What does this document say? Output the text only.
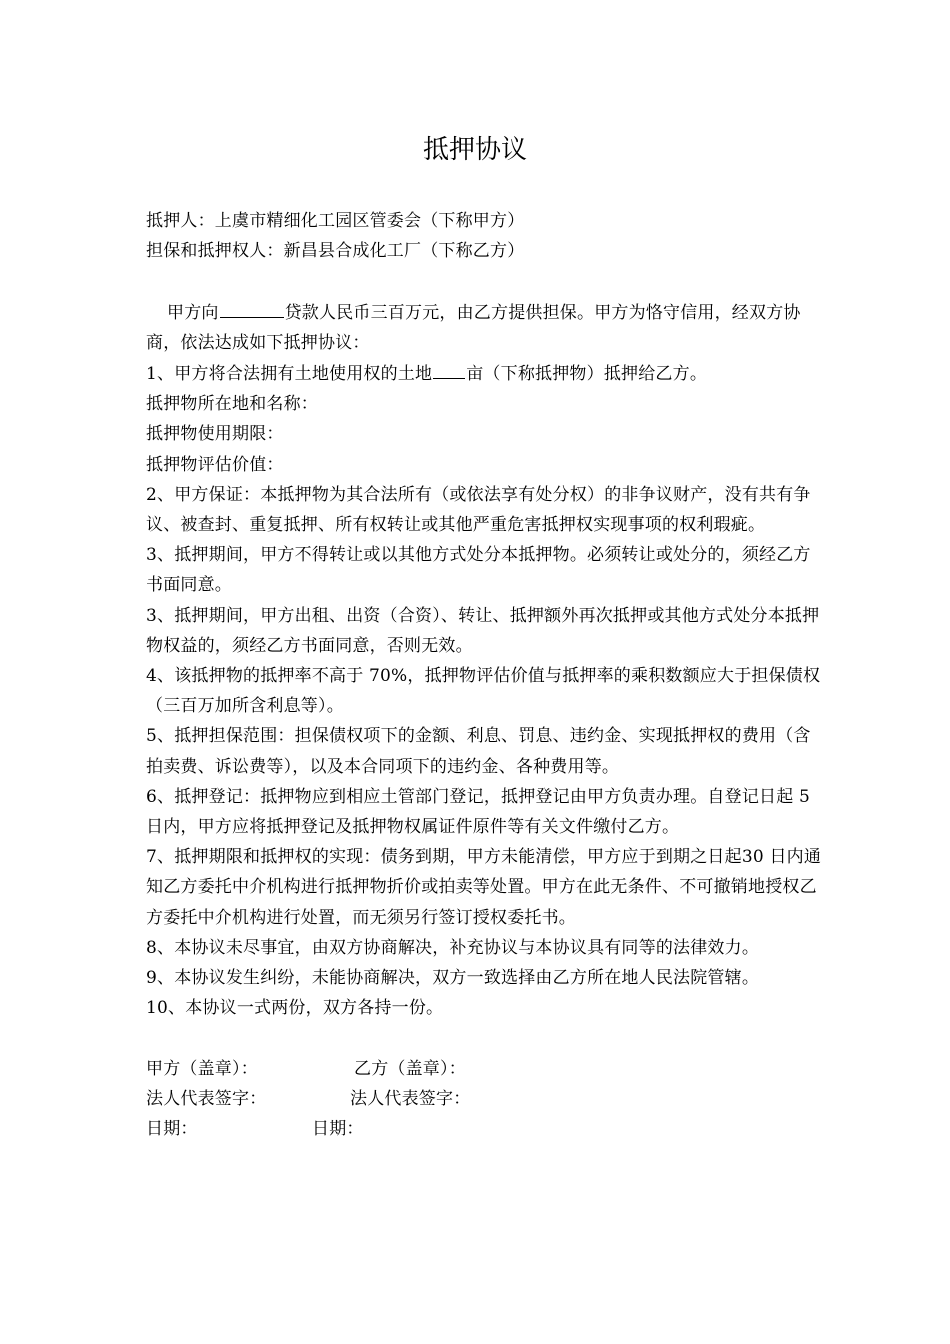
抵押协议

抵押人：上虞市精细化工园区管委会（下称甲方）

担保和抵押权人：新昌县合成化工厂（下称乙方）

甲方向	贷款人民币三百万元，由乙方提供担保。甲方为恪守信用，经双方协商，依法达成如下抵押协议：

1、甲方将合法拥有土地使用权的土地 亩（下称抵押物）抵押给乙方。

抵押物所在地和名称：

抵押物使用期限：

抵押物评估价值：

2、甲方保证：本抵押物为其合法所有（或依法享有处分权）的非争议财产，没有共有争议、被查封、重复抵押、所有权转让或其他严重危害抵押权实现事项的权利瑕疵。

3、抵押期间，甲方不得转让或以其他方式处分本抵押物。必须转让或处分的，须经乙方书面同意。

3、抵押期间，甲方出租、出资（合资）、转让、抵押额外再次抵押或其他方式处分本抵押物权益的，须经乙方书面同意，否则无效。

4、该抵押物的抵押率不高于 70%，抵押物评估价值与抵押率的乘积数额应大于担保债权（三百万加所含利息等）。

5、抵押担保范围：担保债权项下的金额、利息、罚息、违约金、实现抵押权的费用（含拍卖费、诉讼费等），以及本合同项下的违约金、各种费用等。

6、抵押登记：抵押物应到相应土管部门登记，抵押登记由甲方负责办理。自登记日起 5 日内，甲方应将抵押登记及抵押物权属证件原件等有关文件缴付乙方。

7、抵押期限和抵押权的实现：债务到期，甲方未能清偿，甲方应于到期之日起30 日内通知乙方委托中介机构进行抵押物折价或拍卖等处置。甲方在此无条件、不可撤销地授权乙方委托中介机构进行处置，而无须另行签订授权委托书。

8、本协议未尽事宜，由双方协商解决，补充协议与本协议具有同等的法律效力。

9、本协议发生纠纷，未能协商解决，双方一致选择由乙方所在地人民法院管辖。

10、本协议一式两份，双方各持一份。

甲方（盖章）：	乙方（盖章）：
法人代表签字：	法人代表签字：
日期：	日期：
